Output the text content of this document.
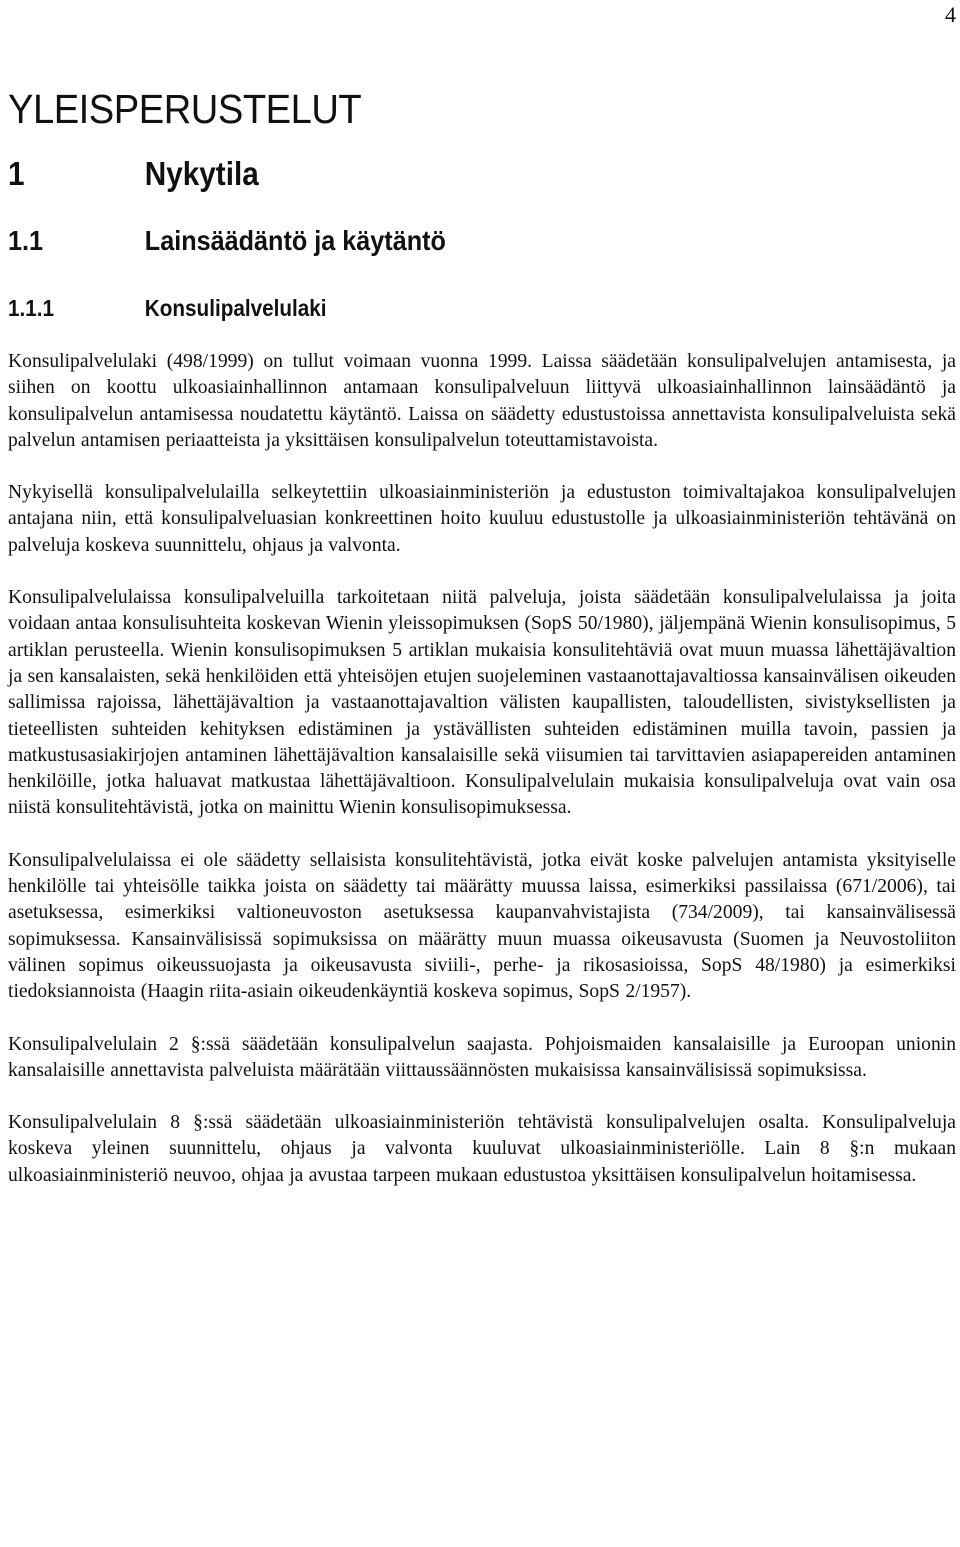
4
YLEISPERUSTELUT
1	Nykytila
1.1	Lainsäädäntö ja käytäntö
1.1.1	Konsulipalvelulaki

Konsulipalvelulaki (498/1999) on tullut voimaan vuonna 1999. Laissa säädetään konsulipalvelujen antamisesta, ja siihen on koottu ulkoasiainhallinnon antamaan konsulipalveluun liittyvä ulkoasiainhallinnon lainsäädäntö ja konsulipalvelun antamisessa noudatettu käytäntö. Laissa on säädetty edustustoissa annettavista konsulipalveluista sekä palvelun antamisen periaatteista ja yksittäisen konsulipalvelun toteuttamistavoista.

Nykyisellä konsulipalvelulailla selkeytettiin ulkoasiainministeriön ja edustuston toimivaltajakoa konsulipalvelujen antajana niin, että konsulipalveluasian konkreettinen hoito kuuluu edustustolle ja ulkoasiainministeriön tehtävänä on palveluja koskeva suunnittelu, ohjaus ja valvonta.

Konsulipalvelulaissa konsulipalveluilla tarkoitetaan niitä palveluja, joista säädetään konsulipalvelulaissa ja joita voidaan antaa konsulisuhteita koskevan Wienin yleissopimuksen (SopS 50/1980), jäljempänä Wienin konsulisopimus, 5 artiklan perusteella. Wienin konsulisopimuksen 5 artiklan mukaisia konsulitehtäviä ovat muun muassa lähettäjävaltion ja sen kansalaisten, sekä henkilöiden että yhteisöjen etujen suojeleminen vastaanottajavaltiossa kansainvälisen oikeuden sallimissa rajoissa, lähettäjävaltion ja vastaanottajavaltion välisten kaupallisten, taloudellisten, sivistyksellisten ja tieteellisten suhteiden kehityksen edistäminen ja ystävällisten suhteiden edistäminen muilla tavoin, passien ja matkustusasiakirjojen antaminen lähettäjävaltion kansalaisille sekä viisumien tai tarvittavien asiapapereiden antaminen henkilöille, jotka haluavat matkustaa lähettäjävaltioon. Konsulipalvelulain mukaisia konsulipalveluja ovat vain osa niistä konsulitehtävistä, jotka on mainittu Wienin konsulisopimuksessa.

Konsulipalvelulaissa ei ole säädetty sellaisista konsulitehtävistä, jotka eivät koske palvelujen antamista yksityiselle henkilölle tai yhteisölle taikka joista on säädetty tai määrätty muussa laissa, esimerkiksi passilaissa (671/2006), tai asetuksessa, esimerkiksi valtioneuvoston asetuksessa kaupanvahvistajista (734/2009), tai kansainvälisessä sopimuksessa. Kansainvälisissä sopimuksissa on määrätty muun muassa oikeusavusta (Suomen ja Neuvostoliiton välinen sopimus oikeussuojasta ja oikeusavusta siviili-, perhe- ja rikosasioissa, SopS 48/1980) ja esimerkiksi tiedoksiannoista (Haagin riita-asiain oikeudenkäyntiä koskeva sopimus, SopS 2/1957).

Konsulipalvelulain 2 §:ssä säädetään konsulipalvelun saajasta. Pohjoismaiden kansalaisille ja Euroopan unionin kansalaisille annettavista palveluista määrätään viittaussäännösten mukaisissa kansainvälisissä sopimuksissa.

Konsulipalvelulain 8 §:ssä säädetään ulkoasiainministeriön tehtävistä konsulipalvelujen osalta. Konsulipalveluja koskeva yleinen suunnittelu, ohjaus ja valvonta kuuluvat ulkoasiainministeriölle. Lain 8 §:n mukaan ulkoasiainministeriö neuvoo, ohjaa ja avustaa tarpeen mukaan edustustoa yksittäisen konsulipalvelun hoitamisessa.
